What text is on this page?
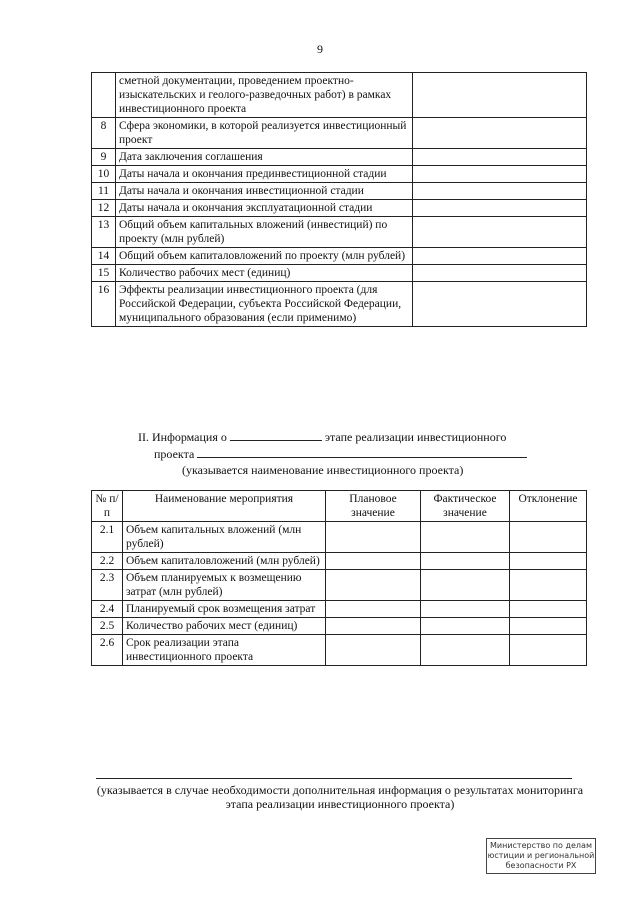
9
	сметной документации, проведением проектно-изыскательских и геолого-разведочных работ) в рамках инвестиционного проекта	
8	Сфера экономики, в которой реализуется инвестиционный проект	
9	Дата заключения соглашения	
10	Даты начала и окончания прединвестиционной стадии	
11	Даты начала и окончания инвестиционной стадии	
12	Даты начала и окончания эксплуатационной стадии	
13	Общий объем капитальных вложений (инвестиций) по проекту (млн рублей)	
14	Общий объем капиталовложений по проекту (млн рублей)	
15	Количество рабочих мест (единиц)	
16	Эффекты реализации инвестиционного проекта (для Российской Федерации, субъекта Российской Федерации, муниципального образования (если применимо)	
II. Информация о	этапе реализации инвестиционного
проекта
(указывается наименование инвестиционного проекта)
№ п/п	Наименование мероприятия	Плановое значение	Фактическое значение	Отклонение
2.1	Объем капитальных вложений (млн рублей)			
2.2	Объем капиталовложений (млн рублей)			
2.3	Объем планируемых к возмещению затрат (млн рублей)			
2.4	Планируемый срок возмещения затрат			
2.5	Количество рабочих мест (единиц)			
2.6	Срок реализации этапа инвестиционного проекта			
(указывается в случае необходимости дополнительная информация о результатах мониторинга этапа реализации инвестиционного проекта)
Министерство по делам
юстиции и региональной
безопасности РХ
